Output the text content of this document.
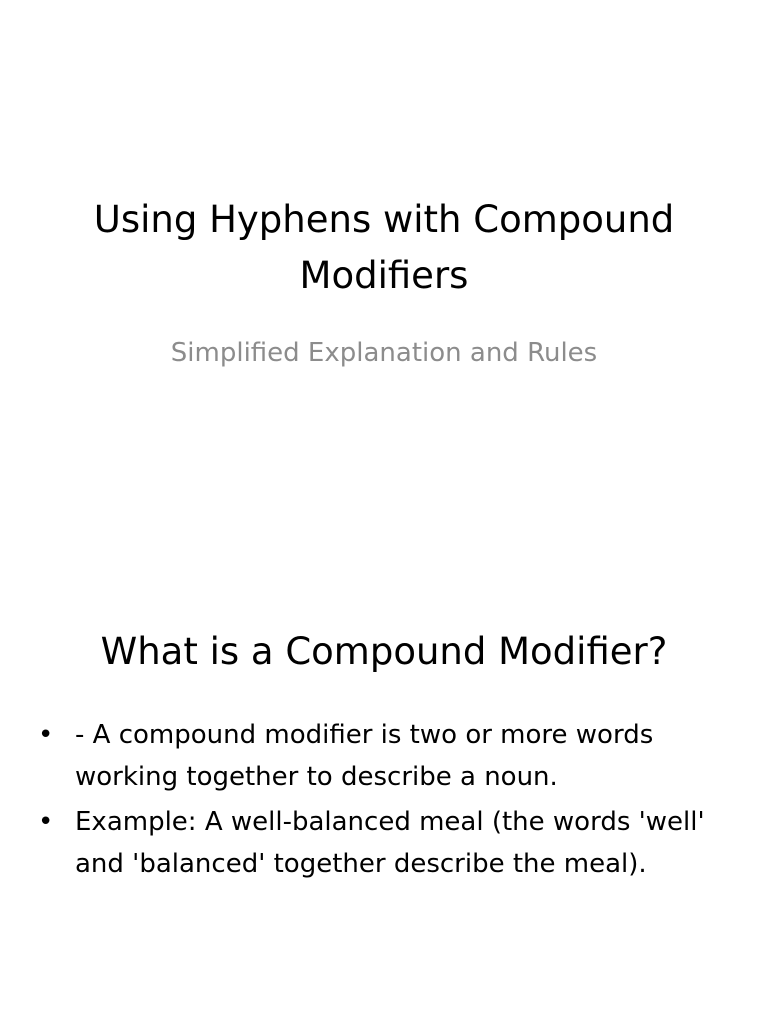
Using Hyphens with Compound Modifiers

Simplified Explanation and Rules

What is a Compound Modifier?
• - A compound modifier is two or more words working together to describe a noun.
• Example: A well-balanced meal (the words 'well' and 'balanced' together describe the meal).
